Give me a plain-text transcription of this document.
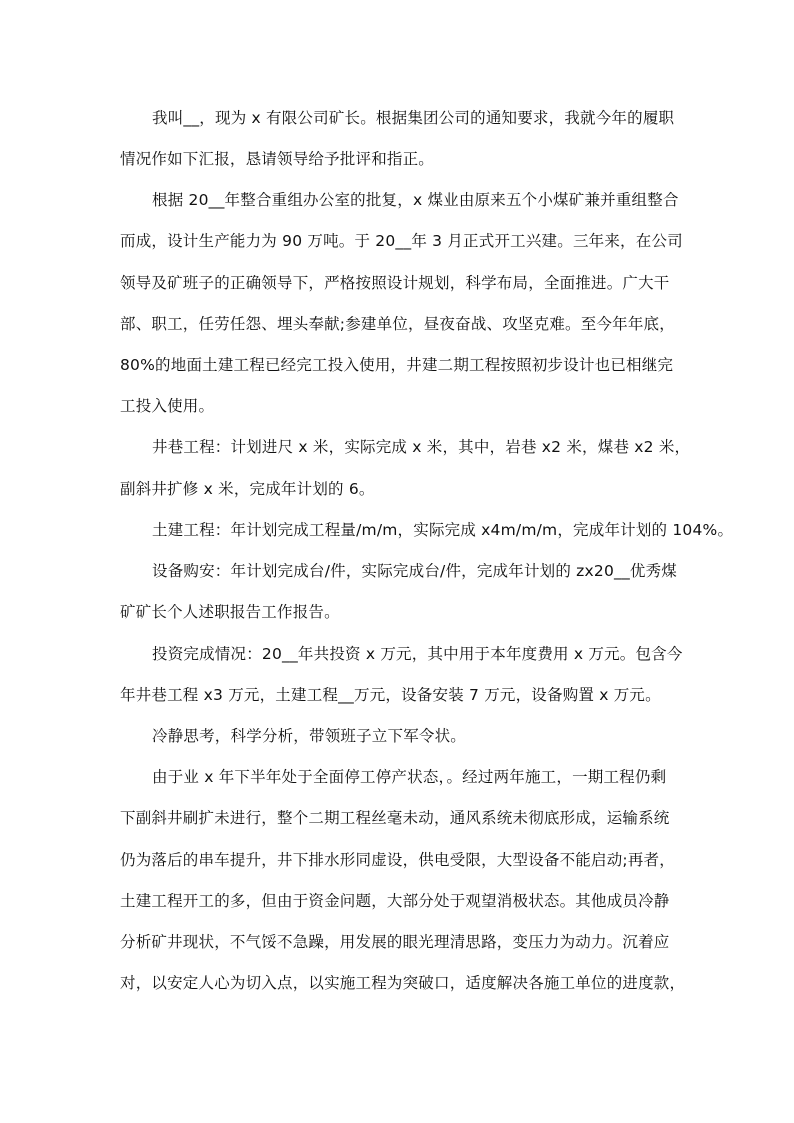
我叫__，现为 x 有限公司矿长。根据集团公司的通知要求，我就今年的履职
情况作如下汇报，恳请领导给予批评和指正。
根据 20__年整合重组办公室的批复，x 煤业由原来五个小煤矿兼并重组整合
而成，设计生产能力为 90 万吨。于 20__年 3 月正式开工兴建。三年来，在公司
领导及矿班子的正确领导下，严格按照设计规划，科学布局，全面推进。广大干
部、职工，任劳任怨、埋头奉献;参建单位，昼夜奋战、攻坚克难。至今年年底，
80%的地面土建工程已经完工投入使用，井建二期工程按照初步设计也已相继完
工投入使用。
井巷工程：计划进尺 x 米，实际完成 x 米，其中，岩巷 x2 米，煤巷 x2 米，
副斜井扩修 x 米，完成年计划的 6。
土建工程：年计划完成工程量/m/m，实际完成 x4m/m/m，完成年计划的 104%。
设备购安：年计划完成台/件，实际完成台/件，完成年计划的 zx20__优秀煤
矿矿长个人述职报告工作报告。
投资完成情况：20__年共投资 x 万元，其中用于本年度费用 x 万元。包含今
年井巷工程 x3 万元，土建工程__万元，设备安装 7 万元，设备购置 x 万元。
冷静思考，科学分析，带领班子立下军令状。
由于业 x 年下半年处于全面停工停产状态，。经过两年施工，一期工程仍剩
下副斜井刷扩未进行，整个二期工程丝毫未动，通风系统未彻底形成，运输系统
仍为落后的串车提升，井下排水形同虚设，供电受限，大型设备不能启动;再者，
土建工程开工的多，但由于资金问题，大部分处于观望消极状态。其他成员冷静
分析矿井现状，不气馁不急躁，用发展的眼光理清思路，变压力为动力。沉着应
对，以安定人心为切入点，以实施工程为突破口，适度解决各施工单位的进度款，
